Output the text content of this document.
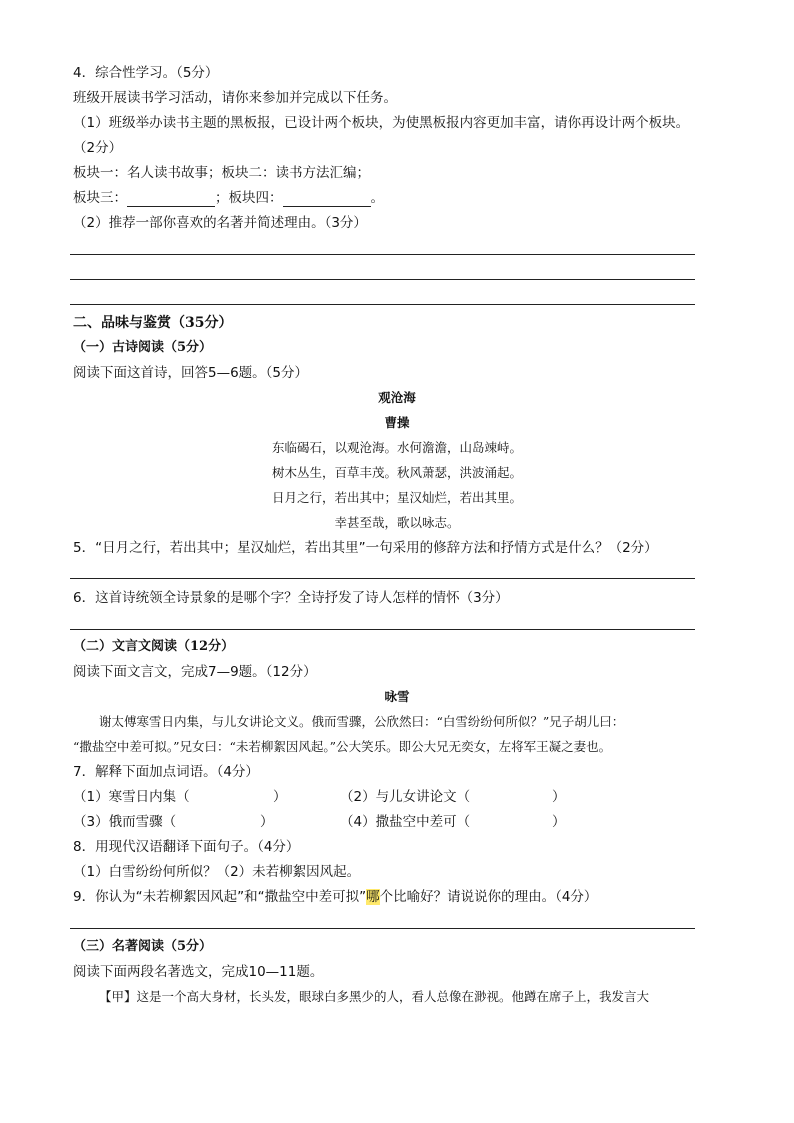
4．综合性学习。（5分）
班级开展读书学习活动，请你来参加并完成以下任务。
（1）班级举办读书主题的黑板报，已设计两个板块，为使黑板报内容更加丰富，请你再设计两个板块。
（2分）
板块一：名人读书故事；板块二：读书方法汇编；
板块三：	；板块四：	。
（2）推荐一部你喜欢的名著并简述理由。（3分）
二、品味与鉴赏（35分）
（一）古诗阅读（5分）
阅读下面这首诗，回答5—6题。（5分）
观沧海
曹操
东临碣石，以观沧海。水何澹澹，山岛竦峙。
树木丛生，百草丰茂。秋风萧瑟，洪波涌起。
日月之行，若出其中；星汉灿烂，若出其里。
幸甚至哉，歌以咏志。
5．“日月之行，若出其中；星汉灿烂，若出其里”一句采用的修辞方法和抒情方式是什么？（2分）
6．这首诗统领全诗景象的是哪个字？全诗抒发了诗人怎样的情怀（3分）
（二）文言文阅读（12分）
阅读下面文言文，完成7—9题。（12分）
咏雪
谢太傅寒雪日内集，与儿女讲论文义。俄而雪骤，公欣然曰：“白雪纷纷何所似？”兄子胡儿曰：
“撒盐空中差可拟。”兄女曰：“未若柳絮因风起。”公大笑乐。即公大兄无奕女，左将军王凝之妻也。
7．解释下面加点词语。（4分）
（1）寒雪日内集（	）	（2）与儿女讲论文（	）
（3）俄而雪骤（	）	（4）撒盐空中差可（	）
8．用现代汉语翻译下面句子。（4分）
（1）白雪纷纷何所似？（2）未若柳絮因风起。
9．你认为“未若柳絮因风起”和“撒盐空中差可拟”哪个比喻好？请说说你的理由。（4分）
（三）名著阅读（5分）
阅读下面两段名著选文，完成10—11题。
【甲】这是一个高大身材，长头发，眼球白多黑少的人，看人总像在渺视。他蹲在席子上，我发言大
